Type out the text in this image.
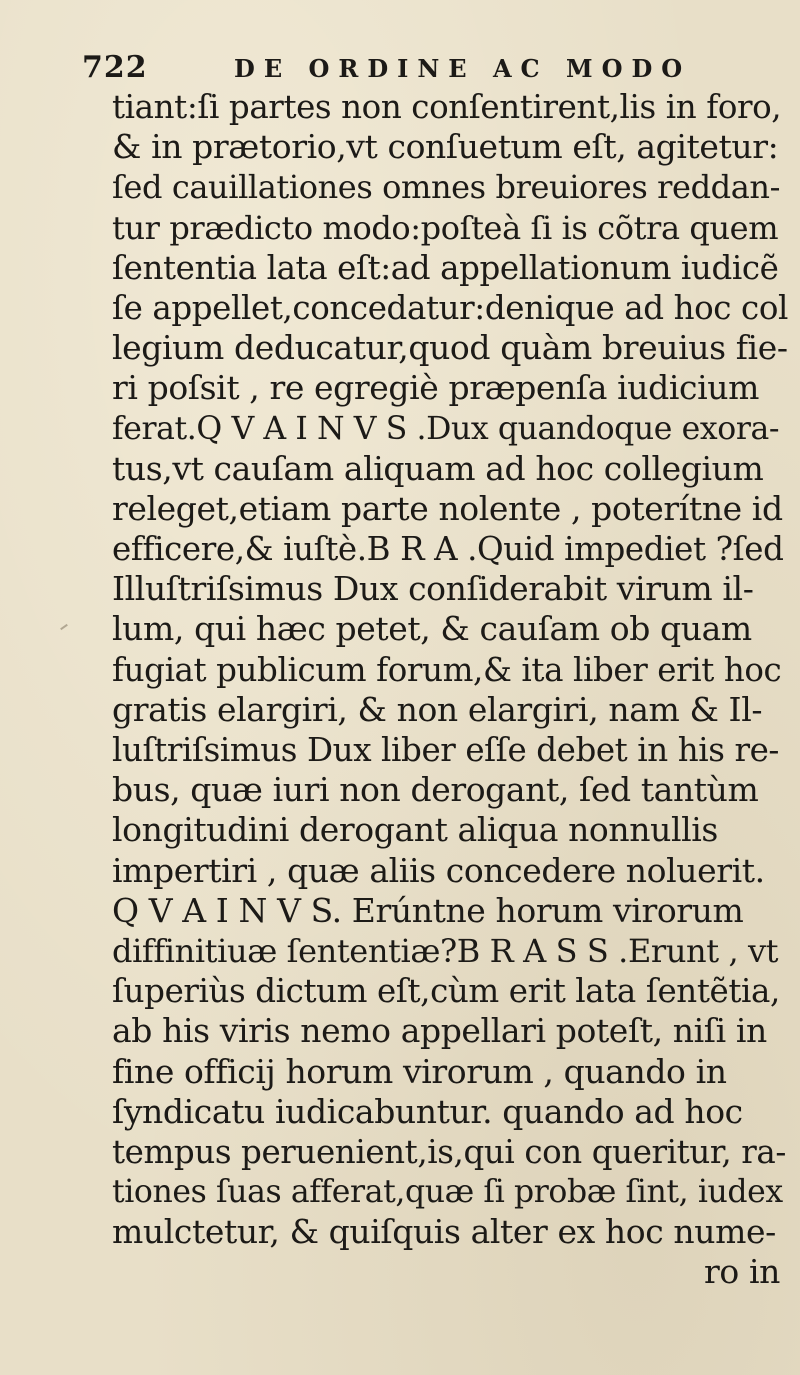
722	DE ORDINE AC MODO
tiant:ſi partes non conſentirent,lis in foro,
& in prætorio,vt conſuetum eſt, agitetur:
ſed cauillationes omnes breuiores reddan-
tur prædicto modo:poſteà ſi is cõtra quem
ſententia lata eſt:ad appellationum iudicẽ
ſe appellet,concedatur:denique ad hoc col
legium deducatur,quod quàm breuius fie-
ri poſsit , re egregiè præpenſa iudicium
ferat.Q V A I N V S .Dux quandoque exora-
tus,vt cauſam aliquam ad hoc collegium
releget,etiam parte nolente , poterítne id
efficere,& iuſtè.B R A .Quid impediet ?ſed
Illuſtriſsimus Dux conſiderabit virum il-
lum, qui hæc petet, & cauſam ob quam
fugiat publicum forum,& ita liber erit hoc
gratis elargiri, & non elargiri, nam & Il-
luſtriſsimus Dux liber eſſe debet in his re-
bus, quæ iuri non derogant, ſed tantùm
longitudini derogant aliqua nonnullis
impertiri , quæ aliis concedere noluerit.
Q V A I N V S. Erúntne horum virorum
diffinitiuæ ſententiæ?B R A S S .Erunt , vt
ſuperiùs dictum eſt,cùm erit lata ſentẽtia,
ab his viris nemo appellari poteſt, niſi in
fine officij horum virorum , quando in
ſyndicatu iudicabuntur. quando ad hoc
tempus peruenient,is,qui con queritur, ra-
tiones ſuas afferat,quæ ſi probæ ſint, iudex
mulctetur, & quiſquis alter ex hoc nume-
ro in
